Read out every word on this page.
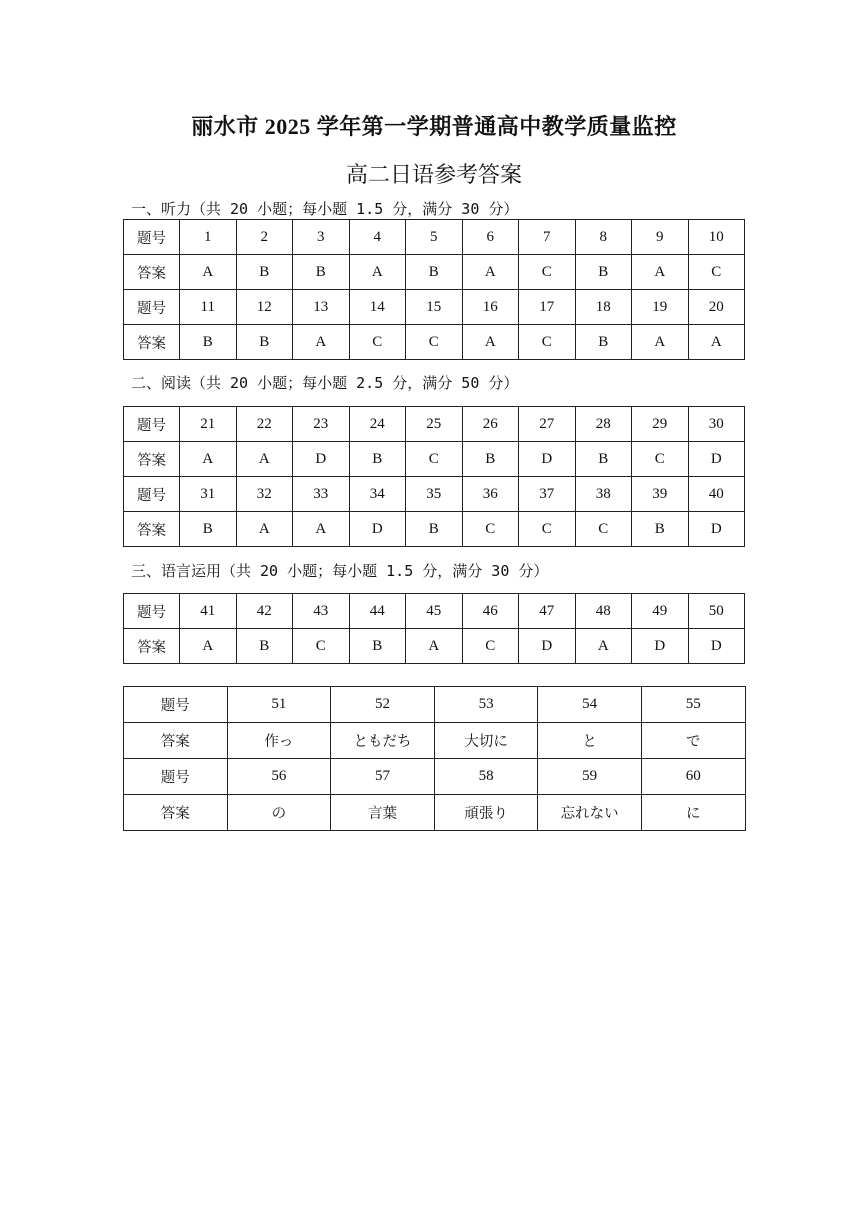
丽水市 2025 学年第一学期普通高中教学质量监控
高二日语参考答案
一、听力（共 20 小题；每小题 1.5 分，满分 30 分）
题号	1	2	3	4	5	6	7	8	9	10
答案	A	B	B	A	B	A	C	B	A	C
题号	11	12	13	14	15	16	17	18	19	20
答案	B	B	A	C	C	A	C	B	A	A
二、阅读（共 20 小题；每小题 2.5 分，满分 50 分）
题号	21	22	23	24	25	26	27	28	29	30
答案	A	A	D	B	C	B	D	B	C	D
题号	31	32	33	34	35	36	37	38	39	40
答案	B	A	A	D	B	C	C	C	B	D
三、语言运用（共 20 小题；每小题 1.5 分，满分 30 分）
题号	41	42	43	44	45	46	47	48	49	50
答案	A	B	C	B	A	C	D	A	D	D
题号	51	52	53	54	55
答案	作っ	ともだち	大切に	と	で
题号	56	57	58	59	60
答案	の	言葉	頑張り	忘れない	に
